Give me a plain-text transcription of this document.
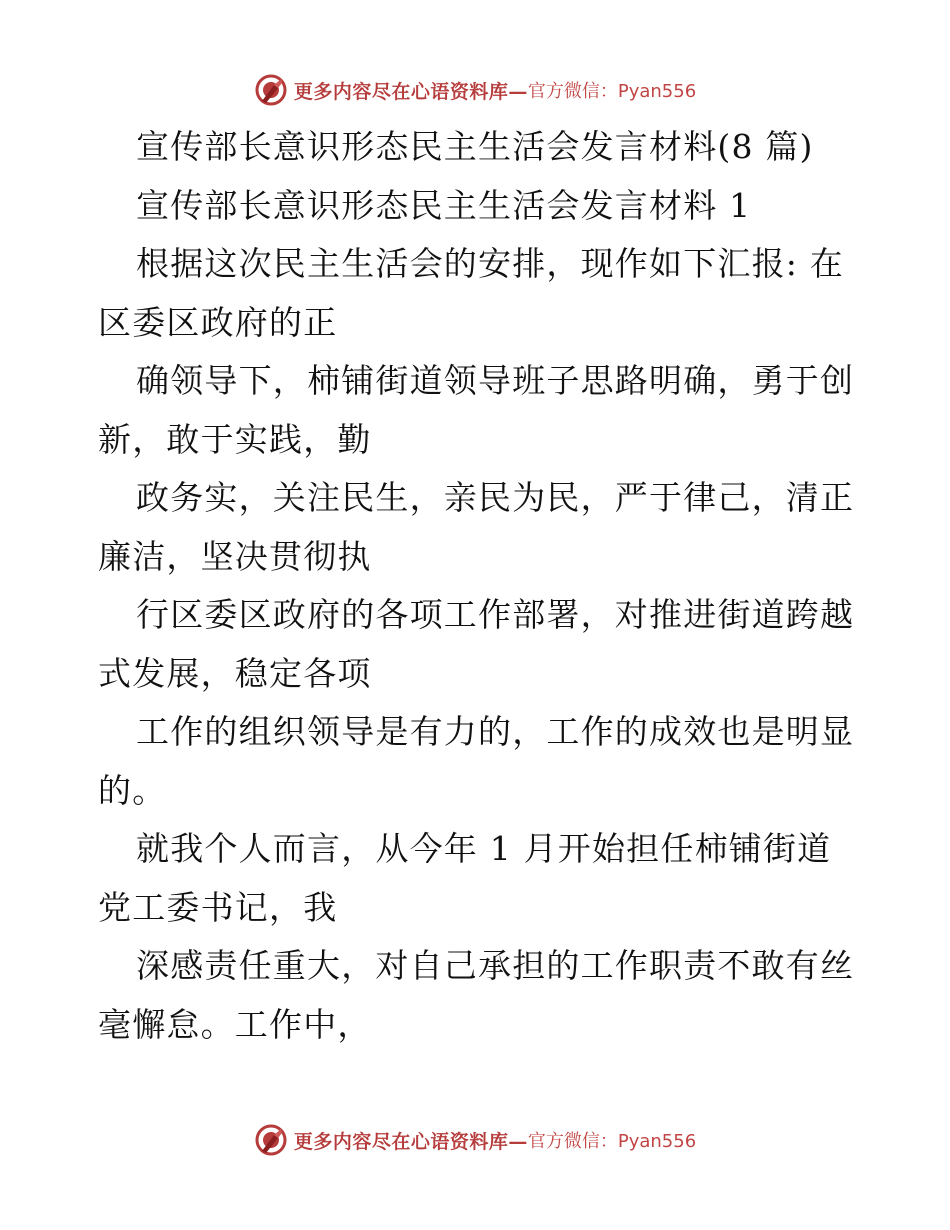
更多内容尽在心语资料库— 官方微信：Pyan556
宣传部长意识形态民主生活会发言材料(8 篇)
宣传部长意识形态民主生活会发言材料 1
根据这次民主生活会的安排，现作如下汇报: 在
区委区政府的正
确领导下，柿铺街道领导班子思路明确，勇于创
新，敢于实践，勤
政务实，关注民生，亲民为民，严于律己，清正
廉洁，坚决贯彻执
行区委区政府的各项工作部署，对推进街道跨越
式发展，稳定各项
工作的组织领导是有力的，工作的成效也是明显
的。
就我个人而言，从今年 1 月开始担任柿铺街道
党工委书记，我
深感责任重大，对自己承担的工作职责不敢有丝
毫懈怠。工作中，
更多内容尽在心语资料库— 官方微信：Pyan556
